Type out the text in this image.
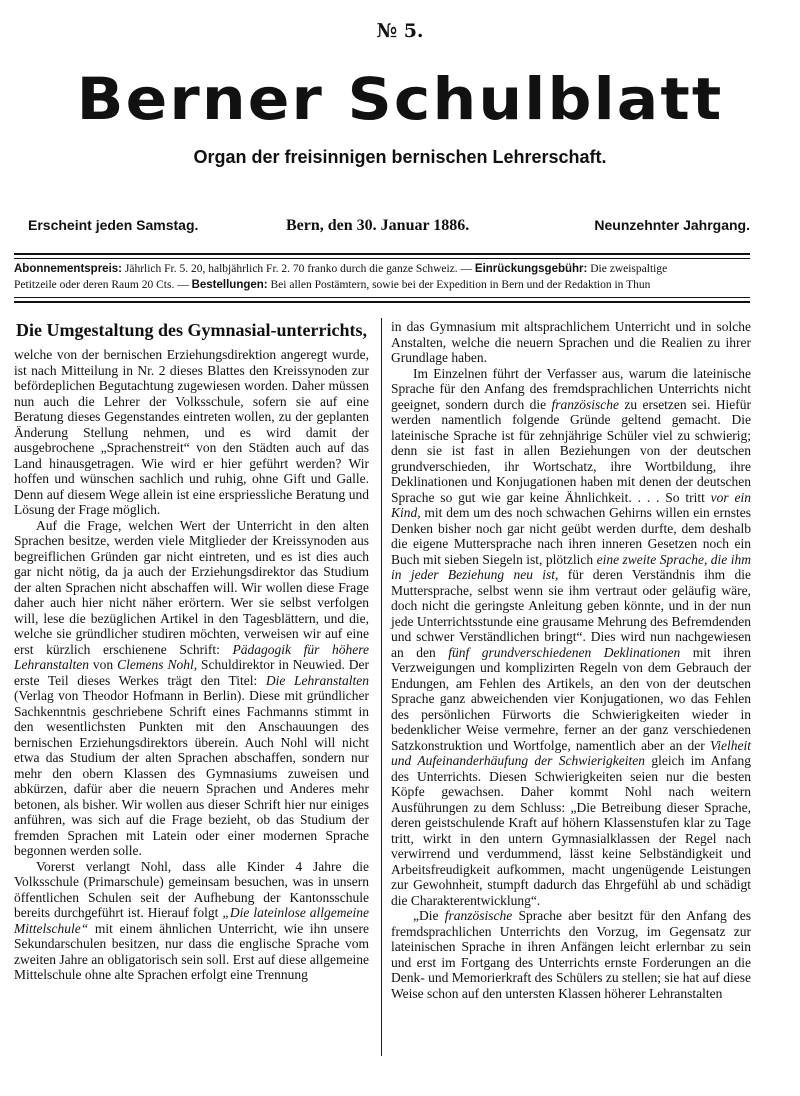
№ 5.
Berner Schulblatt
Organ der freisinnigen bernischen Lehrerschaft.
Erscheint jeden Samstag.	Bern, den 30. Januar 1886.	Neunzehnter Jahrgang.
Abonnementspreis: Jährlich Fr. 5. 20, halbjährlich Fr. 2. 70 franko durch die ganze Schweiz. — Einrückungsgebühr: Die zweispaltige
Petitzeile oder deren Raum 20 Cts. — Bestellungen: Bei allen Postämtern, sowie bei der Expedition in Bern und der Redaktion in Thun
Die Umgestaltung des Gymnasial-unterrichts,

welche von der bernischen Erziehungsdirektion angeregt wurde, ist nach Mitteilung in Nr. 2 dieses Blattes den Kreissynoden zur befördерlichen Begutachtung zugewiesen worden. Daher müssen nun auch die Lehrer der Volksschule, sofern sie auf eine Beratung dieses Gegenstandes eintreten wollen, zu der geplanten Änderung Stellung nehmen, und es wird damit der ausgebrochene „Sprachenstreit“ von den Städten auch auf das Land hinausgetragen. Wie wird er hier geführt werden? Wir hoffen und wünschen sachlich und ruhig, ohne Gift und Galle. Denn auf diesem Wege allein ist eine erspriessliche Beratung und Lösung der Frage möglich.

Auf die Frage, welchen Wert der Unterricht in den alten Sprachen besitze, werden viele Mitglieder der Kreissynoden aus begreiflichen Gründen gar nicht eintreten, und es ist dies auch gar nicht nötig, da ja auch der Erziehungsdirektor das Studium der alten Sprachen nicht abschaffen will. Wir wollen diese Frage daher auch hier nicht näher erörtern. Wer sie selbst verfolgen will, lese die bezüglichen Artikel in den Tagesblättern, und die, welche sie gründlicher studiren möchten, verweisen wir auf eine erst kürzlich erschienene Schrift: Pädagogik für höhere Lehranstalten von Clemens Nohl, Schuldirektor in Neuwied. Der erste Teil dieses Werkes trägt den Titel: Die Lehranstalten (Verlag von Theodor Hofmann in Berlin). Diese mit gründlicher Sachkenntnis geschriebene Schrift eines Fachmanns stimmt in den wesentlichsten Punkten mit den Anschauungen des bernischen Erziehungsdirektors überein. Auch Nohl will nicht etwa das Studium der alten Sprachen abschaffen, sondern nur mehr den obern Klassen des Gymnasiums zuweisen und abkürzen, dafür aber die neuern Sprachen und Anderes mehr betonen, als bisher. Wir wollen aus dieser Schrift hier nur einiges anführen, was sich auf die Frage bezieht, ob das Studium der fremden Sprachen mit Latein oder einer modernen Sprache begonnen werden solle.

Vorerst verlangt Nohl, dass alle Kinder 4 Jahre die Volksschule (Primarschule) gemeinsam besuchen, was in unsern öffentlichen Schulen seit der Aufhebung der Kantonsschule bereits durchgeführt ist. Hierauf folgt „Die lateinlose allgemeine Mittelschule“ mit einem ähnlichen Unterricht, wie ihn unsere Sekundarschulen besitzen, nur dass die englische Sprache vom zweiten Jahre an obligatorisch sein soll. Erst auf diese allgemeine Mittelschule ohne alte Sprachen erfolgt eine Trennung

in das Gymnasium mit altsprachlichem Unterricht und in solche Anstalten, welche die neuern Sprachen und die Realien zu ihrer Grundlage haben.

Im Einzelnen führt der Verfasser aus, warum die lateinische Sprache für den Anfang des fremdsprachlichen Unterrichts nicht geeignet, sondern durch die französische zu ersetzen sei. Hiefür werden namentlich folgende Gründe geltend gemacht. Die lateinische Sprache ist für zehnjährige Schüler viel zu schwierig; denn sie ist fast in allen Beziehungen von der deutschen grundverschieden, ihr Wortschatz, ihre Wortbildung, ihre Deklinationen und Konjugationen haben mit denen der deutschen Sprache so gut wie gar keine Ähnlichkeit. . . . So tritt vor ein Kind, mit dem um des noch schwachen Gehirns willen ein ernstes Denken bisher noch gar nicht geübt werden durfte, dem deshalb die eigene Muttersprache nach ihren inneren Gesetzen noch ein Buch mit sieben Siegeln ist, plötzlich eine zweite Sprache, die ihm in jeder Beziehung neu ist, für deren Verständnis ihm die Muttersprache, selbst wenn sie ihm vertraut oder geläufig wäre, doch nicht die geringste Anleitung geben könnte, und in der nun jede Unterrichtsstunde eine grausame Mehrung des Befremdenden und schwer Verständlichen bringt“. Dies wird nun nachgewiesen an den fünf grundverschiedenen Deklinationen mit ihren Verzweigungen und komplizirten Regeln von dem Gebrauch der Endungen, am Fehlen des Artikels, an den von der deutschen Sprache ganz abweichenden vier Konjugationen, wo das Fehlen des persönlichen Fürworts die Schwierigkeiten wieder in bedenklicher Weise vermehre, ferner an der ganz verschiedenen Satzkonstruktion und Wortfolge, namentlich aber an der Vielheit und Aufeinanderhäufung der Schwierigkeiten gleich im Anfang des Unterrichts. Diesen Schwierigkeiten seien nur die besten Köpfe gewachsen. Daher kommt Nohl nach weitern Ausführungen zu dem Schluss: „Die Betreibung dieser Sprache, deren geistschulende Kraft auf höhern Klassenstufen klar zu Tage tritt, wirkt in den untern Gymnasialklassen der Regel nach verwirrend und verdummend, lässt keine Selbständigkeit und Arbeitsfreudigkeit aufkommen, macht ungenügende Leistungen zur Gewohnheit, stumpft dadurch das Ehrgefühl ab und schädigt die Charakterentwicklung“.

„Die französische Sprache aber besitzt für den Anfang des fremdsprachlichen Unterrichts den Vorzug, im Gegensatz zur lateinischen Sprache in ihren Anfängen leicht erlernbar zu sein und erst im Fortgang des Unterrichts ernste Forderungen an die Denk- und Memorierkraft des Schülers zu stellen; sie hat auf diese Weise schon auf den untersten Klassen höherer Lehranstalten
